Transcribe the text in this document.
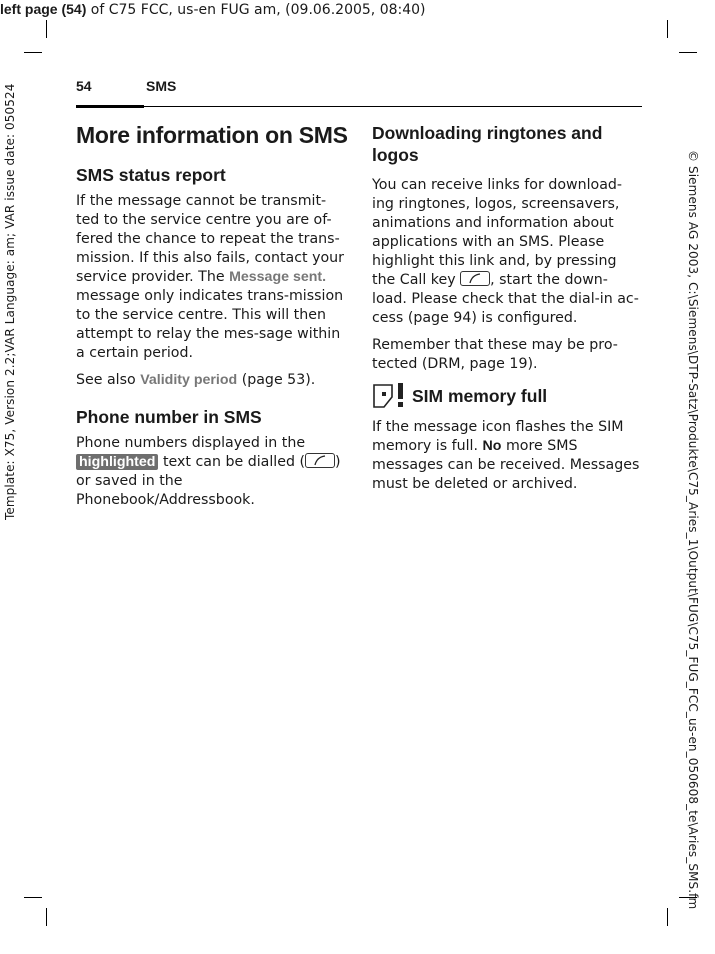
left page (54) of C75 FCC, us-en FUG am, (09.06.2005, 08:40)
Template: X75, Version 2.2;VAR Language: am; VAR issue date: 050524	© Siemens AG 2003, C:\Siemens\DTP-Satz\Produkte\C75_Aries_1\Output\FUG\C75_FUG_FCC_us-en_050608_te\Aries_SMS.fm
54	SMS
More information on SMS
SMS status report

If the message cannot be transmit-ted to the service centre you are of-fered the chance to repeat the trans-mission. If this also fails, contact your service provider. The Message sent. message only indicates trans-mission to the service centre. This will then attempt to relay the mes-sage within a certain period.

See also Validity period (page 53).

Phone number in SMS

Phone numbers displayed in the highlighted text can be dialled ( ) or saved in the Phonebook/Addressbook.

Downloading ringtones and logos

You can receive links for download-ing ringtones, logos, screensavers, animations and information about applications with an SMS. Please highlight this link and, by pressing the Call key
, start the down-load. Please check that the dial-in ac-cess (page 94) is configured.

Remember that these may be pro-tected (DRM, page 19).

SIM memory full

If the message icon flashes the SIM memory is full. No more SMS messages can be received. Messages must be deleted or archived.
